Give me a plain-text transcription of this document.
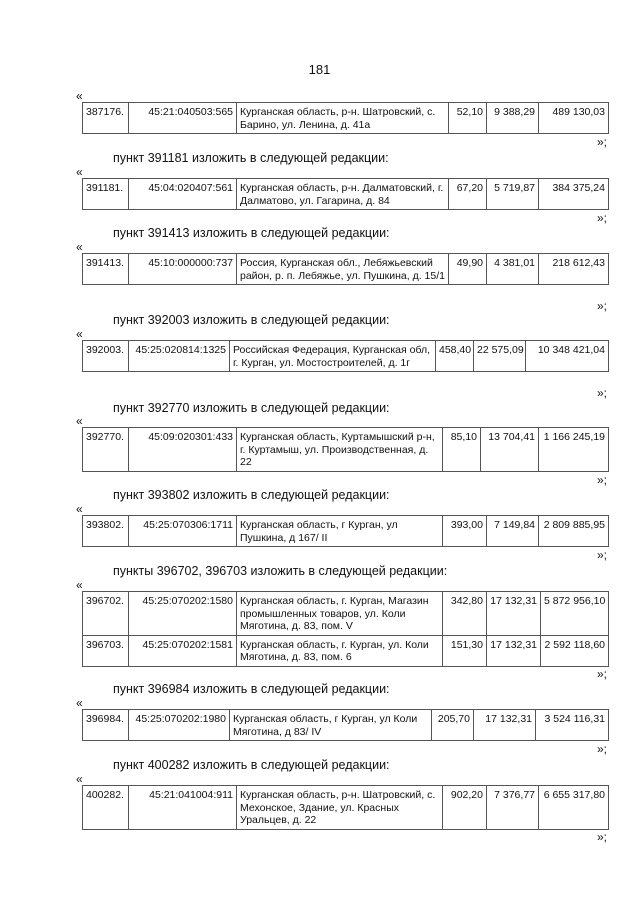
181
«
387176.	45:21:040503:565	Курганская область, р-н. Шатровский, с. Барино, ул. Ленина, д. 41а	52,10	9 388,29	489 130,03
»;
пункт 391181 изложить в следующей редакции:
«
391181.	45:04:020407:561	Курганская область, р-н. Далматовский, г. Далматово, ул. Гагарина, д. 84	67,20	5 719,87	384 375,24
»;
пункт 391413 изложить в следующей редакции:
«
391413.	45:10:000000:737	Россия, Курганская обл., Лебяжьевский район, р. п. Лебяжье, ул. Пушкина, д. 15/1	49,90	4 381,01	218 612,43
»;
пункт 392003 изложить в следующей редакции:
«
392003.	45:25:020814:1325	Российская Федерация, Курганская обл, г. Курган, ул. Мостостроителей, д. 1г	458,40	22 575,09	10 348 421,04
»;
пункт 392770 изложить в следующей редакции:
«
392770.	45:09:020301:433	Курганская область, Куртамышский р-н, г. Куртамыш, ул. Производственная, д. 22	85,10	13 704,41	1 166 245,19
»;
пункт 393802 изложить в следующей редакции:
«
393802.	45:25:070306:1711	Курганская область, г Курган, ул Пушкина, д 167/ II	393,00	7 149,84	2 809 885,95
»;
пункты 396702, 396703 изложить в следующей редакции:
«
396702.	45:25:070202:1580	Курганская область, г. Курган, Магазин промышленных товаров, ул. Коли Мяготина, д. 83, пом. V	342,80	17 132,31	5 872 956,10
396703.	45:25:070202:1581	Курганская область, г. Курган, ул. Коли Мяготина, д. 83, пом. 6	151,30	17 132,31	2 592 118,60
»;
пункт 396984 изложить в следующей редакции:
«
396984.	45:25:070202:1980	Курганская область, г Курган, ул Коли Мяготина, д 83/ IV	205,70	17 132,31	3 524 116,31
»;
пункт 400282 изложить в следующей редакции:
«
400282.	45:21:041004:911	Курганская область, р-н. Шатровский, с. Мехонское, Здание, ул. Красных Уральцев, д. 22	902,20	7 376,77	6 655 317,80
»;
